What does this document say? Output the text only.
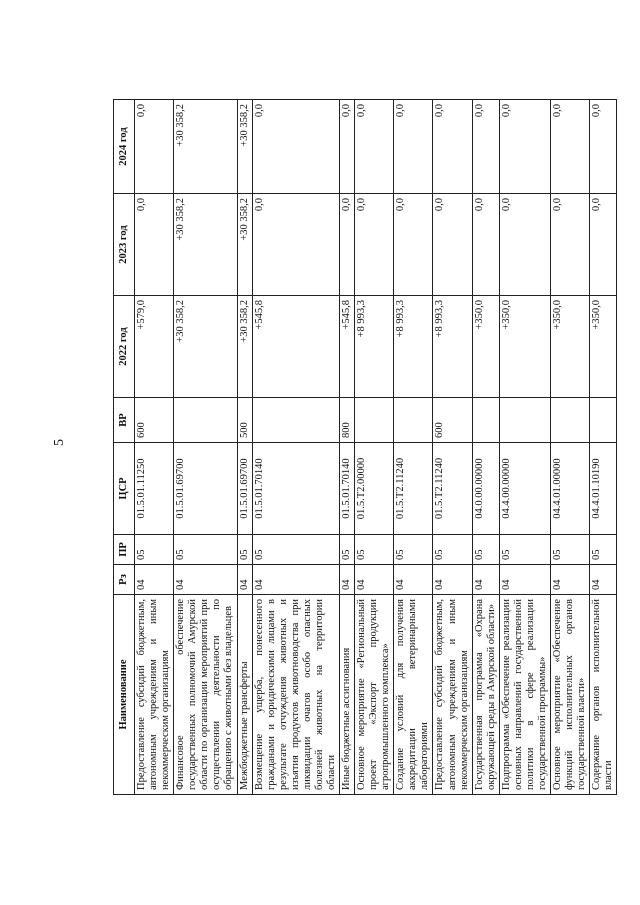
5
Наименование	Рз	ПР	ЦСР	ВР	2022 год	2023 год	2024 год
Предоставление субсидий бюджетным, автономным учреждениям и иным некоммерческим организациям	04	05	01.5.01.11250	600	+579,0	0,0	0,0
Финансовое обеспечение государственных полномочий Амурской области по организации мероприятий при осуществлении деятельности по обращению с животными без владельцев	04	05	01.5.01.69700		+30 358,2	+30 358,2	+30 358,2
Межбюджетные трансферты	04	05	01.5.01.69700	500	+30 358,2	+30 358,2	+30 358,2
Возмещение ущерба, понесенного гражданами и юридическими лицами в результате отчуждения животных и изъятия продуктов животноводства при ликвидации очагов особо опасных болезней животных на территории области	04	05	01.5.01.70140		+545,8	0,0	0,0
Иные бюджетные ассигнования	04	05	01.5.01.70140	800	+545,8	0,0	0,0
Основное мероприятие «Региональный проект «Экспорт продукции агропромышленного комплекса»	04	05	01.5.T2.00000		+8 993,3	0,0	0,0
Создание условий для получения аккредитации ветеринарными лабораториями	04	05	01.5.T2.11240		+8 993,3	0,0	0,0
Предоставление субсидий бюджетным, автономным учреждениям и иным некоммерческим организациям	04	05	01.5.T2.11240	600	+8 993,3	0,0	0,0
Государственная программа «Охрана окружающей среды в Амурской области»	04	05	04.0.00.00000		+350,0	0,0	0,0
Подпрограмма «Обеспечение реализации основных направлений государственной политики в сфере реализации государственной программы»	04	05	04.4.00.00000		+350,0	0,0	0,0
Основное мероприятие «Обеспечение функций исполнительных органов государственной власти»	04	05	04.4.01.00000		+350,0	0,0	0,0
Содержание органов исполнительной власти	04	05	04.4.01.10190		+350,0	0,0	0,0
